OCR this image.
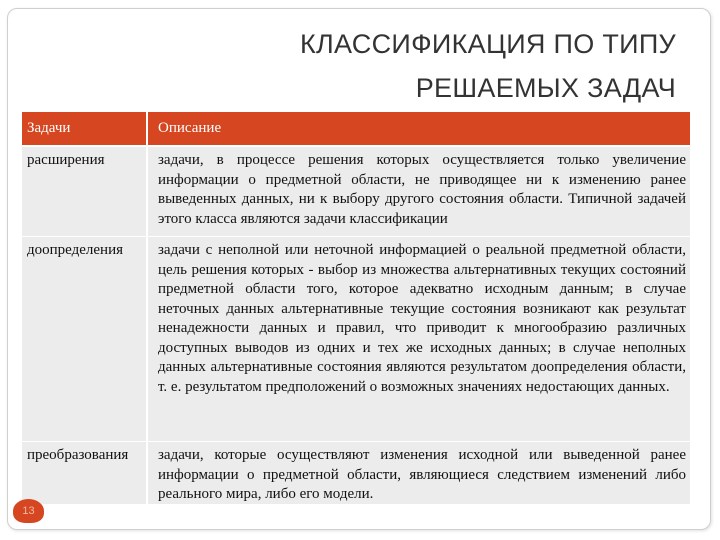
КЛАССИФИКАЦИЯ ПО ТИПУ
РЕШАЕМЫХ ЗАДАЧ
Задачи	Описание
расширения	задачи, в процессе решения которых осуществляется только увеличение информации о предметной области, не приводящее ни к изменению ранее выведенных данных, ни к выбору другого состояния области. Типичной задачей этого класса являются задачи классификации
доопределения	задачи с неполной или неточной информацией о реальной предметной области, цель решения которых - выбор из множества альтернативных текущих состояний предметной области того, которое адекватно исходным данным; в случае неточных данных альтернативные текущие состояния возникают как результат ненадежности данных и правил, что приводит к многообразию различных доступных выводов из одних и тех же исходных данных; в случае неполных данных альтернативные состояния являются результатом доопределения области, т. е. результатом предположений о возможных значениях недостающих данных.
преобразования	задачи, которые осуществляют изменения исходной или выведенной ранее информации о предметной области, являющиеся следствием изменений либо реального мира, либо его модели.
13
